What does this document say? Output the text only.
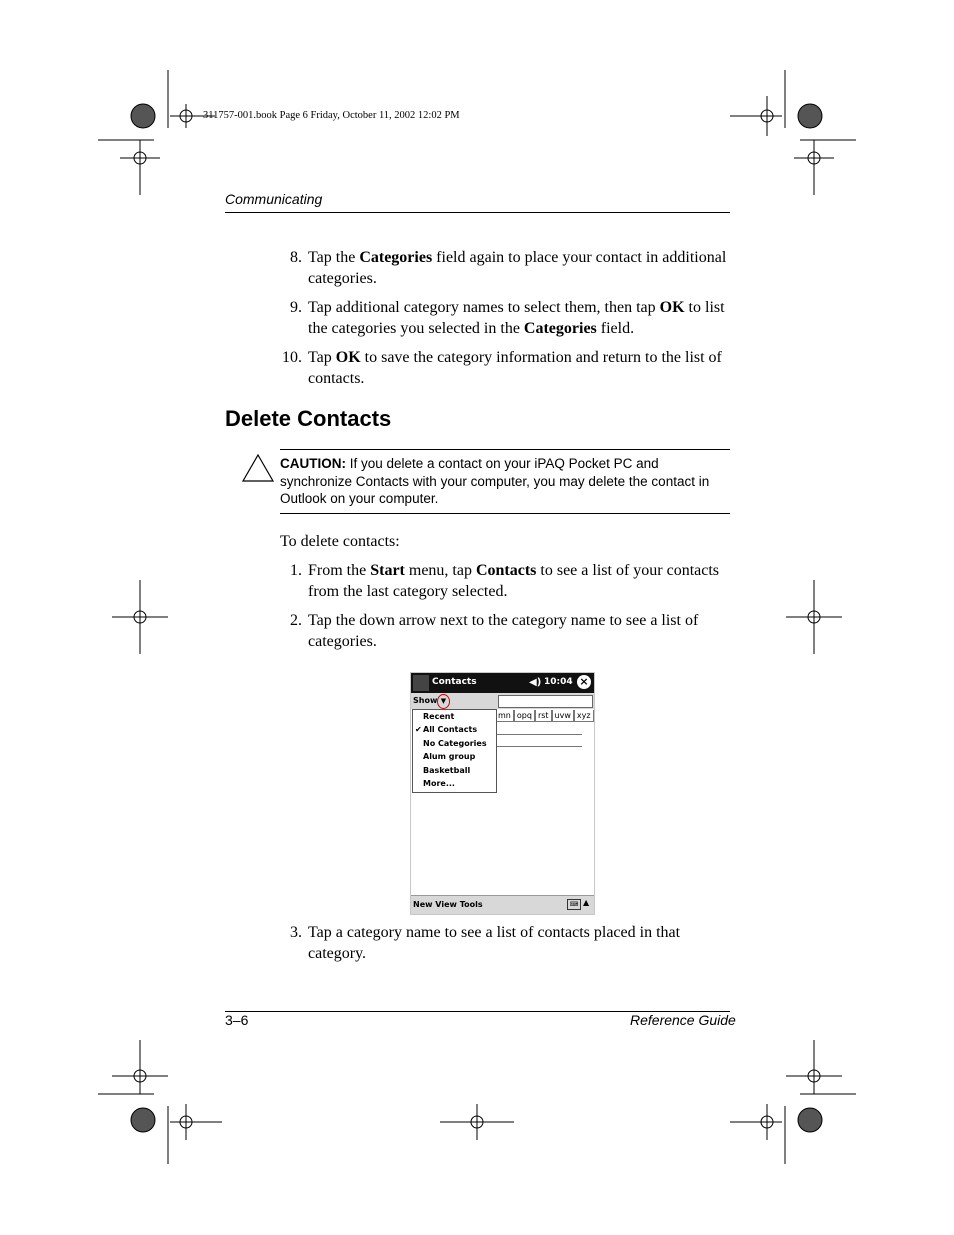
311757-001.book Page 6 Friday, October 11, 2002 12:02 PM
Communicating
8. Tap the Categories field again to place your contact in additional categories.
9. Tap additional category names to select them, then tap OK to list the categories you selected in the Categories field.
10. Tap OK to save the category information and return to the list of contacts.
Delete Contacts
CAUTION: If you delete a contact on your iPAQ Pocket PC and synchronize Contacts with your computer, you may delete the contact in Outlook on your computer.
To delete contacts:
1. From the Start menu, tap Contacts to see a list of your contacts from the last category selected.
2. Tap the down arrow next to the category name to see a list of categories.
Contacts	◀) 10:04 ×
Show ▼
mn opq rst uvw xyz
Recent
✔ All Contacts
No Categories
Alum group
Basketball
More...
New View Tools	⌨ ▲
3. Tap a category name to see a list of contacts placed in that category.
3–6	Reference Guide
